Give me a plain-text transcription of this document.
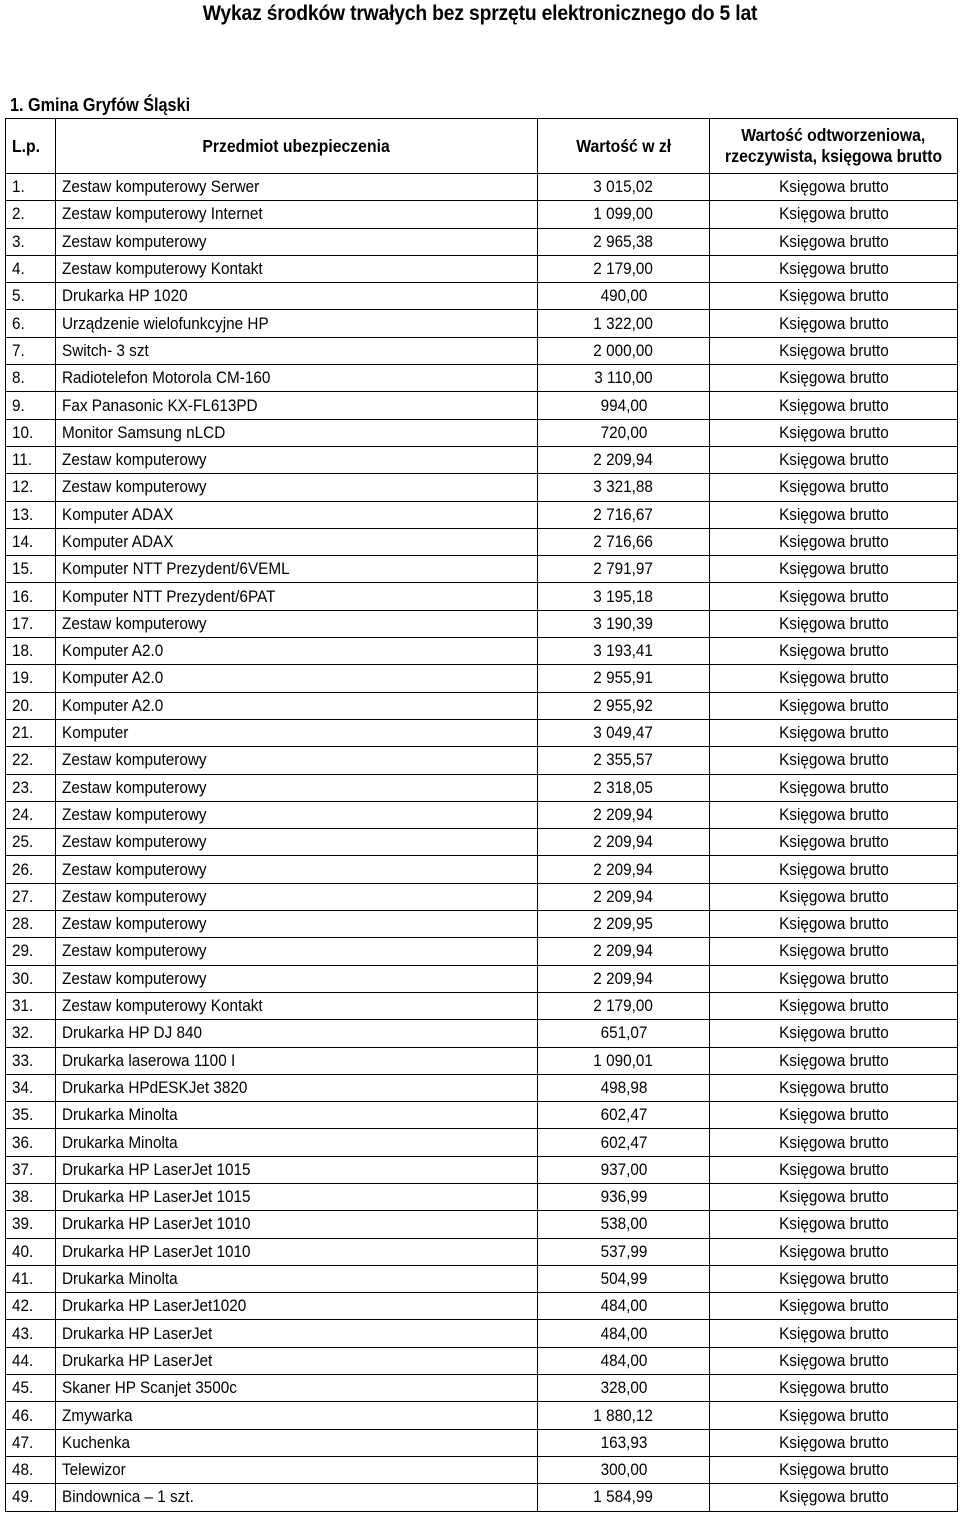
Wykaz środków trwałych bez sprzętu elektronicznego do 5 lat
1. Gmina Gryfów Śląski
L.p.	Przedmiot ubezpieczenia	Wartość w zł	Wartość odtworzeniowa,
rzeczywista, księgowa brutto
1.	Zestaw komputerowy Serwer	3 015,02	Księgowa brutto
2.	Zestaw komputerowy Internet	1 099,00	Księgowa brutto
3.	Zestaw komputerowy	2 965,38	Księgowa brutto
4.	Zestaw komputerowy Kontakt	2 179,00	Księgowa brutto
5.	Drukarka HP 1020	490,00	Księgowa brutto
6.	Urządzenie wielofunkcyjne HP	1 322,00	Księgowa brutto
7.	Switch- 3 szt	2 000,00	Księgowa brutto
8.	Radiotelefon Motorola CM-160	3 110,00	Księgowa brutto
9.	Fax Panasonic KX-FL613PD	994,00	Księgowa brutto
10.	Monitor Samsung nLCD	720,00	Księgowa brutto
11.	Zestaw komputerowy	2 209,94	Księgowa brutto
12.	Zestaw komputerowy	3 321,88	Księgowa brutto
13.	Komputer ADAX	2 716,67	Księgowa brutto
14.	Komputer ADAX	2 716,66	Księgowa brutto
15.	Komputer NTT Prezydent/6VEML	2 791,97	Księgowa brutto
16.	Komputer NTT Prezydent/6PAT	3 195,18	Księgowa brutto
17.	Zestaw komputerowy	3 190,39	Księgowa brutto
18.	Komputer A2.0	3 193,41	Księgowa brutto
19.	Komputer A2.0	2 955,91	Księgowa brutto
20.	Komputer A2.0	2 955,92	Księgowa brutto
21.	Komputer	3 049,47	Księgowa brutto
22.	Zestaw komputerowy	2 355,57	Księgowa brutto
23.	Zestaw komputerowy	2 318,05	Księgowa brutto
24.	Zestaw komputerowy	2 209,94	Księgowa brutto
25.	Zestaw komputerowy	2 209,94	Księgowa brutto
26.	Zestaw komputerowy	2 209,94	Księgowa brutto
27.	Zestaw komputerowy	2 209,94	Księgowa brutto
28.	Zestaw komputerowy	2 209,95	Księgowa brutto
29.	Zestaw komputerowy	2 209,94	Księgowa brutto
30.	Zestaw komputerowy	2 209,94	Księgowa brutto
31.	Zestaw komputerowy Kontakt	2 179,00	Księgowa brutto
32.	Drukarka HP DJ 840	651,07	Księgowa brutto
33.	Drukarka laserowa 1100 I	1 090,01	Księgowa brutto
34.	Drukarka HPdESKJet 3820	498,98	Księgowa brutto
35.	Drukarka Minolta	602,47	Księgowa brutto
36.	Drukarka Minolta	602,47	Księgowa brutto
37.	Drukarka HP LaserJet 1015	937,00	Księgowa brutto
38.	Drukarka HP LaserJet 1015	936,99	Księgowa brutto
39.	Drukarka HP LaserJet 1010	538,00	Księgowa brutto
40.	Drukarka HP LaserJet 1010	537,99	Księgowa brutto
41.	Drukarka Minolta	504,99	Księgowa brutto
42.	Drukarka HP LaserJet1020	484,00	Księgowa brutto
43.	Drukarka HP LaserJet	484,00	Księgowa brutto
44.	Drukarka HP LaserJet	484,00	Księgowa brutto
45.	Skaner HP Scanjet 3500c	328,00	Księgowa brutto
46.	Zmywarka	1 880,12	Księgowa brutto
47.	Kuchenka	163,93	Księgowa brutto
48.	Telewizor	300,00	Księgowa brutto
49.	Bindownica – 1 szt.	1 584,99	Księgowa brutto
